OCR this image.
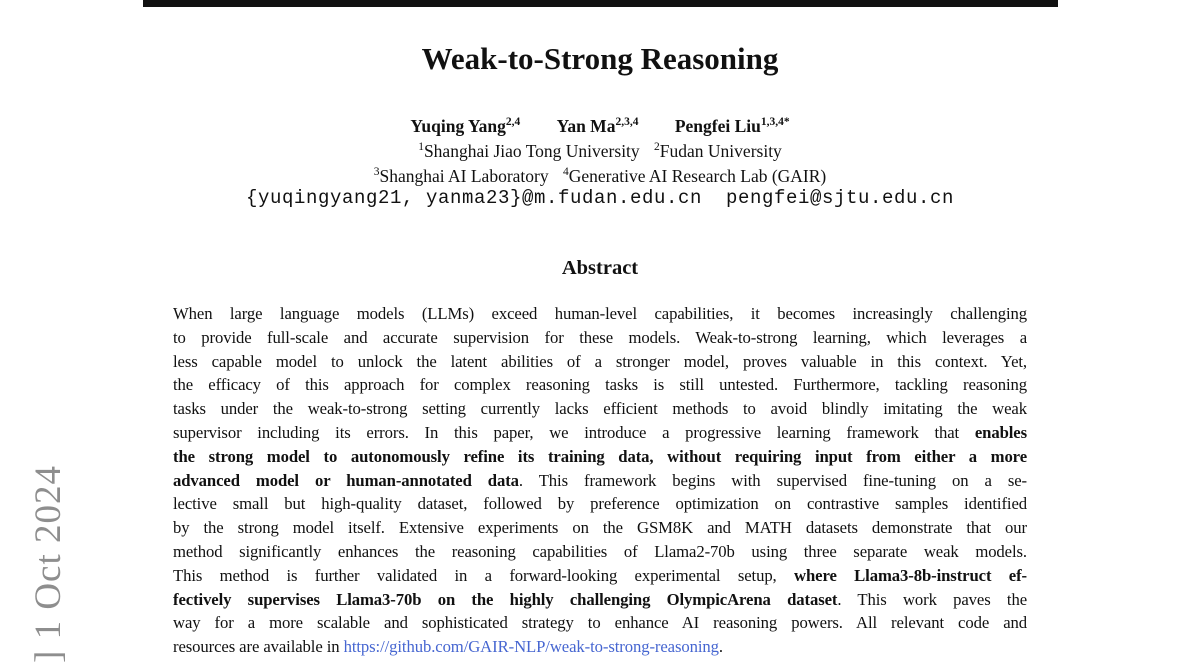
] 1 Oct 2024
Weak-to-Strong Reasoning
Yuqing Yang$^{2,4}$ Yan Ma$^{2,3,4}$ Pengfei Liu$^{1,3,4*}$
$^1$Shanghai Jiao Tong University $^2$Fudan University
$^3$Shanghai AI Laboratory $^4$Generative AI Research Lab (GAIR)
{yuqingyang21, yanma23}@m.fudan.edu.cn  pengfei@sjtu.edu.cn
Abstract
When large language models (LLMs) exceed human-level capabilities, it becomes increasingly challenging
to provide full-scale and accurate supervision for these models. Weak-to-strong learning, which leverages a
less capable model to unlock the latent abilities of a stronger model, proves valuable in this context. Yet,
the efficacy of this approach for complex reasoning tasks is still untested. Furthermore, tackling reasoning
tasks under the weak-to-strong setting currently lacks efficient methods to avoid blindly imitating the weak
supervisor including its errors. In this paper, we introduce a progressive learning framework that enables
the strong model to autonomously refine its training data, without requiring input from either a more
advanced model or human-annotated data. This framework begins with supervised fine-tuning on a se-
lective small but high-quality dataset, followed by preference optimization on contrastive samples identified
by the strong model itself. Extensive experiments on the GSM8K and MATH datasets demonstrate that our
method significantly enhances the reasoning capabilities of Llama2-70b using three separate weak models.
This method is further validated in a forward-looking experimental setup, where Llama3-8b-instruct ef-
fectively supervises Llama3-70b on the highly challenging OlympicArena dataset. This work paves the
way for a more scalable and sophisticated strategy to enhance AI reasoning powers. All relevant code and
resources are available in https://github.com/GAIR-NLP/weak-to-strong-reasoning.
